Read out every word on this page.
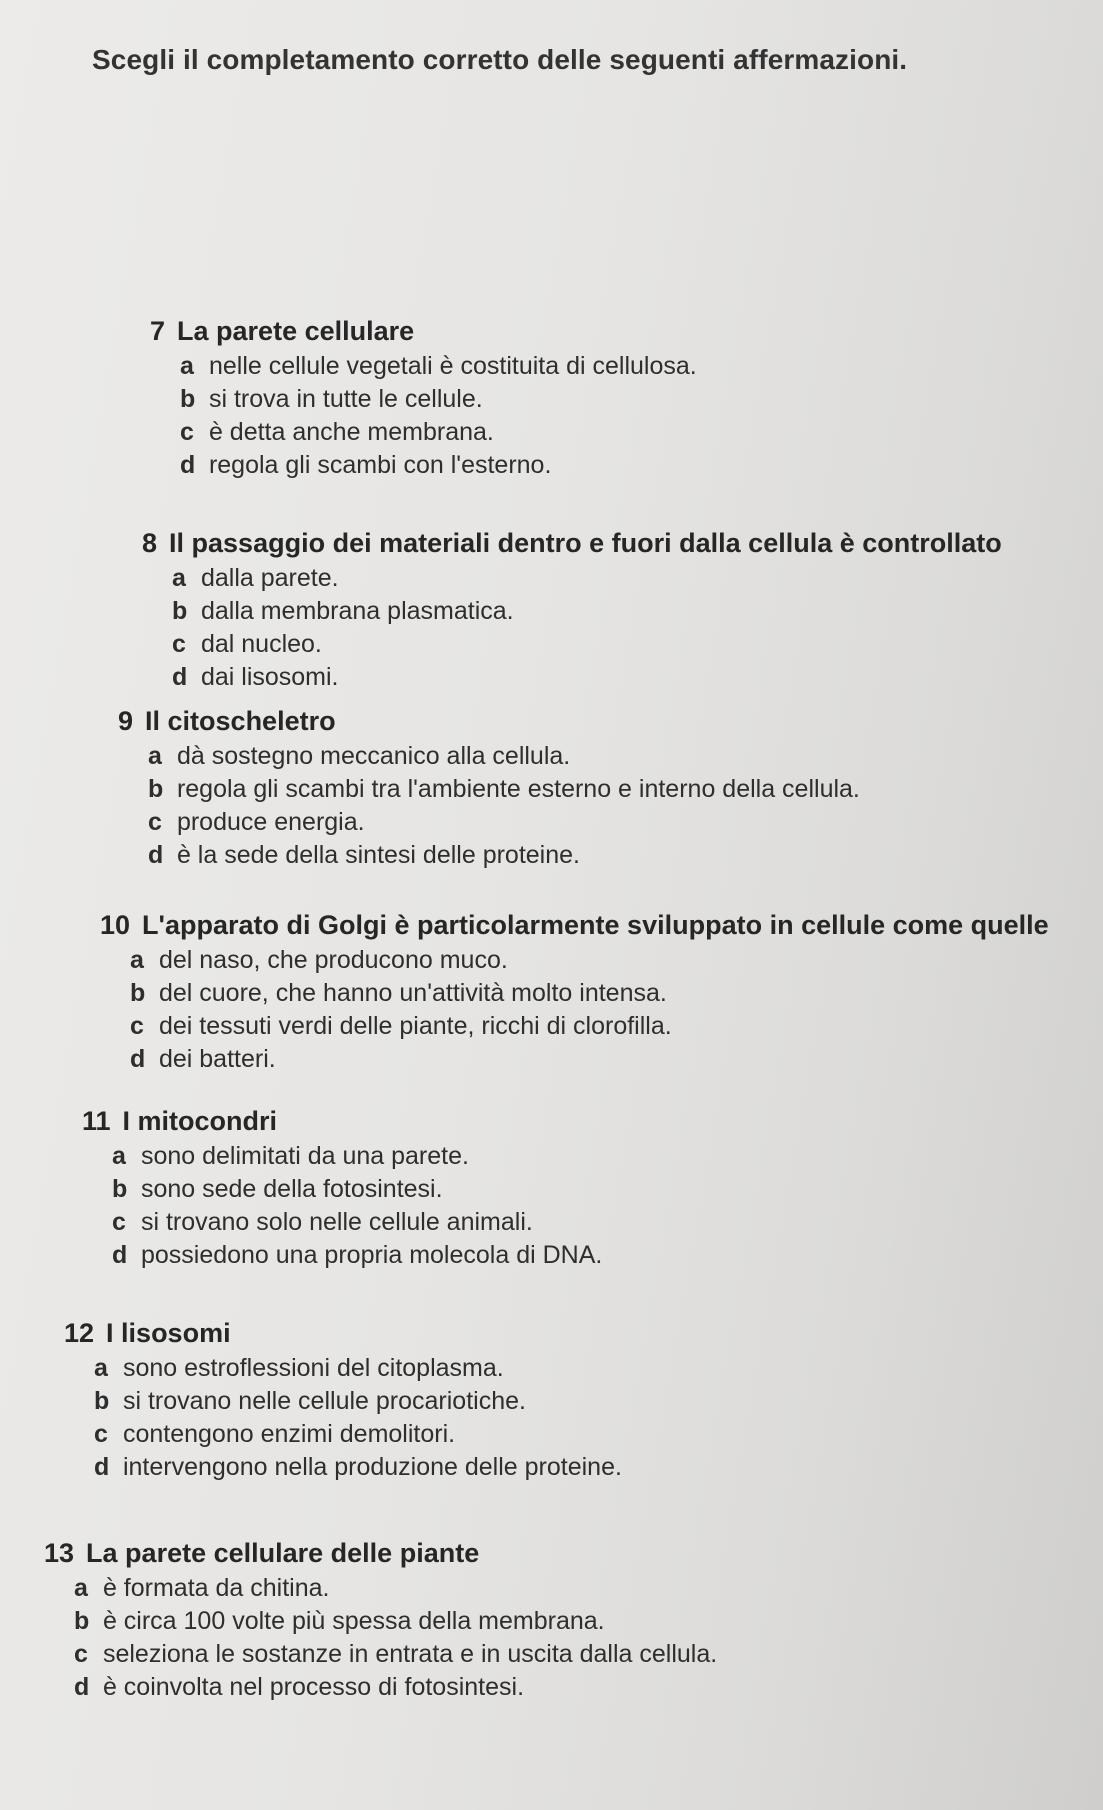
Scegli il completamento corretto delle seguenti affermazioni.
7 La parete cellulare
a nelle cellule vegetali è costituita di cellulosa.
b si trova in tutte le cellule.
c è detta anche membrana.
d regola gli scambi con l'esterno.
8 Il passaggio dei materiali dentro e fuori dalla cellula è controllato
a dalla parete.
b dalla membrana plasmatica.
c dal nucleo.
d dai lisosomi.
9 Il citoscheletro
a dà sostegno meccanico alla cellula.
b regola gli scambi tra l'ambiente esterno e interno della cellula.
c produce energia.
d è la sede della sintesi delle proteine.
10 L'apparato di Golgi è particolarmente sviluppato in cellule come quelle
a del naso, che producono muco.
b del cuore, che hanno un'attività molto intensa.
c dei tessuti verdi delle piante, ricchi di clorofilla.
d dei batteri.
11 I mitocondri
a sono delimitati da una parete.
b sono sede della fotosintesi.
c si trovano solo nelle cellule animali.
d possiedono una propria molecola di DNA.
12 I lisosomi
a sono estroflessioni del citoplasma.
b si trovano nelle cellule procariotiche.
c contengono enzimi demolitori.
d intervengono nella produzione delle proteine.
13 La parete cellulare delle piante
a è formata da chitina.
b è circa 100 volte più spessa della membrana.
c seleziona le sostanze in entrata e in uscita dalla cellula.
d è coinvolta nel processo di fotosintesi.
